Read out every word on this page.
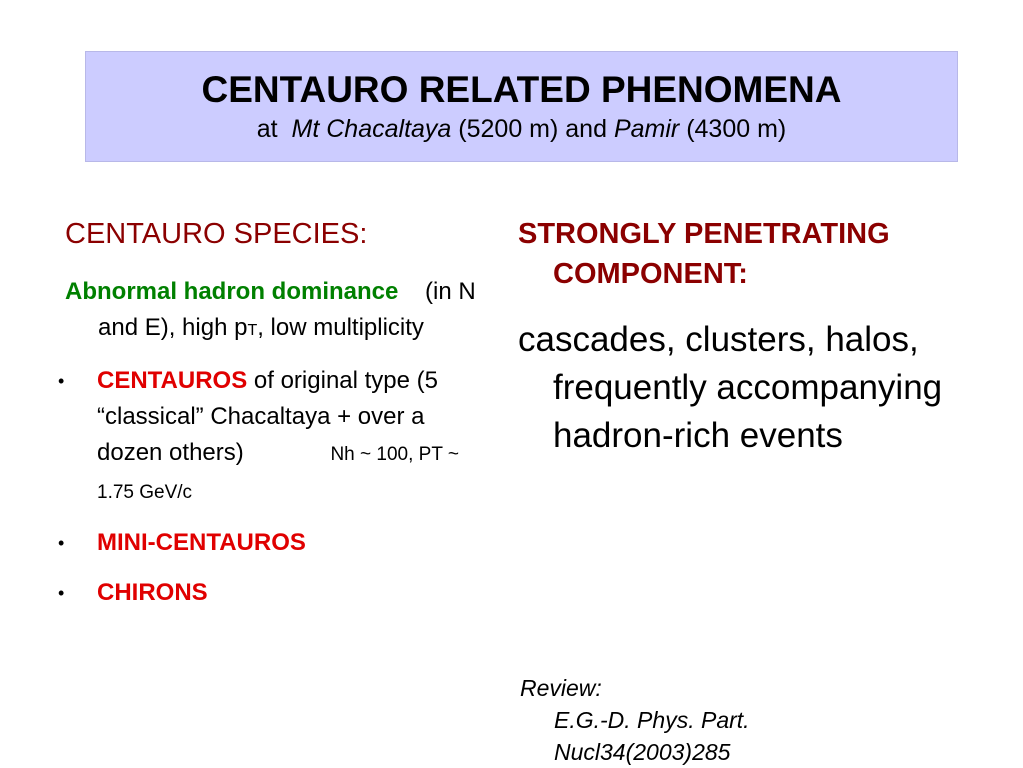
CENTAURO RELATED PHENOMENA
at Mt Chacaltaya (5200 m) and Pamir (4300 m)

CENTAURO SPECIES:

Abnormal hadron dominance (in N and E), high pT, low multiplicity

• CENTAUROS of original type (5 “classical” Chacaltaya + over a dozen others)	Nh ~ 100, PT ~ 1.75 GeV/c
• MINI-CENTAUROS
• CHIRONS

STRONGLY PENETRATING COMPONENT:

cascades, clusters, halos, frequently accompanying hadron-rich events

Review:
E.G.-D. Phys. Part.
Nucl34(2003)285
